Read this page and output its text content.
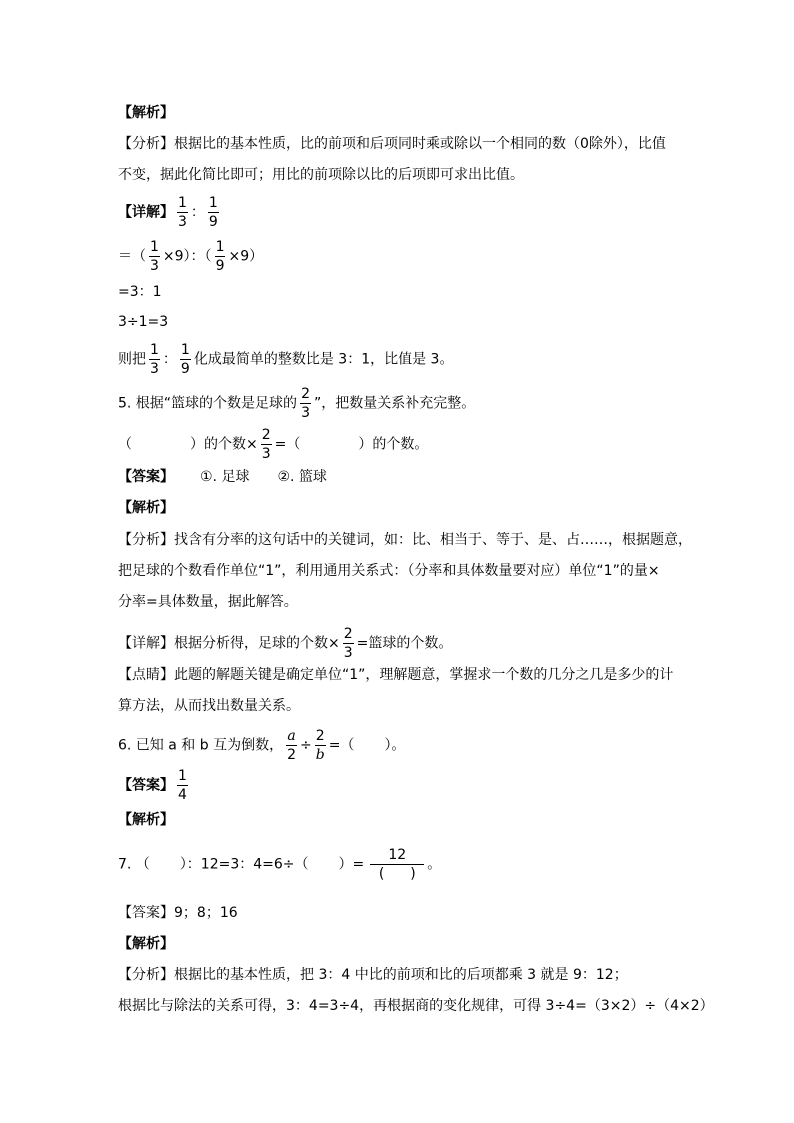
【解析】
【分析】根据比的基本性质，比的前项和后项同时乘或除以一个相同的数（0除外），比值
不变，据此化简比即可；用比的前项除以比的后项即可求出比值。
【详解】 $\frac{1}{3}$ ： $\frac{1}{9}$
＝（ $\frac{1}{3} \times 9$）：（ $\frac{1}{9} \times 9$）
=3：1
3÷1=3
则把 $\frac{1}{3}$ ： $\frac{1}{9}$ 化成最简单的整数比是 3：1，比值是 3。
5. 根据“篮球的个数是足球的 $\frac{2}{3}$ ”，把数量关系补充完整。
（	）的个数× $\frac{2}{3}$ =（	）的个数。
【答案】 ①. 足球 ②. 篮球
【解析】
【分析】找含有分率的这句话中的关键词，如：比、相当于、等于、是、占……，根据题意，
把足球的个数看作单位“1”，利用通用关系式：（分率和具体数量要对应）单位“1”的量×
分率=具体数量，据此解答。
【详解】根据分析得，足球的个数× $\frac{2}{3}$ =篮球的个数。
【点睛】此题的解题关键是确定单位“1”，理解题意，掌握求一个数的几分之几是多少的计
算方法，从而找出数量关系。
6. 已知 a 和 b 互为倒数， $\frac{a}{2} \div \frac{2}{b}$ =（ ）。
【答案】 $\frac{1}{4}$
【解析】
7. （ ）：12=3：4=6÷（ ）= $\frac{12}{( )}$ 。
【答案】9；8；16
【解析】
【分析】根据比的基本性质，把 3：4 中比的前项和比的后项都乘 3 就是 9：12；
根据比与除法的关系可得，3：4=3÷4，再根据商的变化规律，可得 3÷4=（3×2）÷（4×2）
